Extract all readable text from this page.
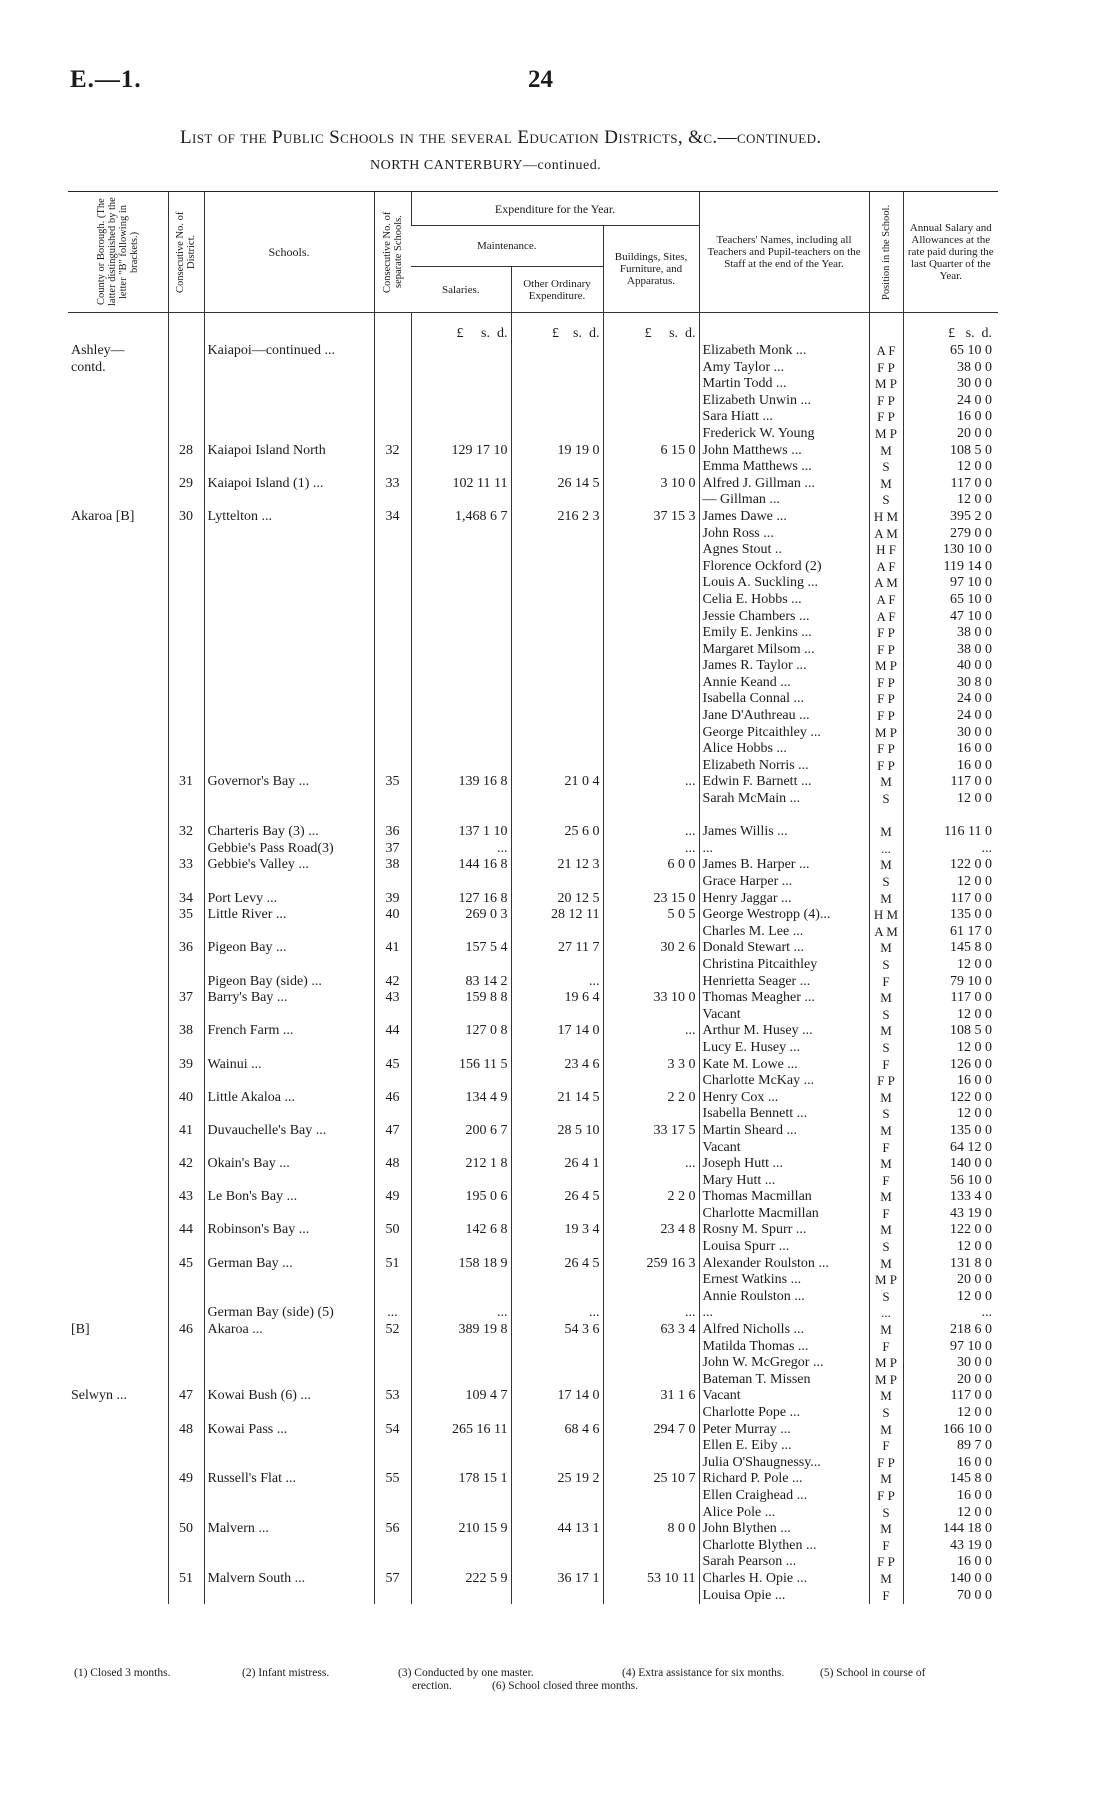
E.—1.	24
List of the Public Schools in the several Education Districts, &c.—continued.
NORTH CANTERBURY—continued.
County or Borough. (The latter distinguished by the letter "B" following in brackets.)	Consecutive No. of District.	Schools.	Consecutive No. of separate Schools.	Expenditure for the Year.			Teachers' Names, including all Teachers and Pupil-teachers on the Staff at the end of the Year.	Position in the School.	Annual Salary and Allowances at the rate paid during the last Quarter of the Year.
				Maintenance.		Buildings, Sites, Furniture, and Apparatus.			
				Salaries.	Other Ordinary Expenditure.				
				£ s. d.	£ s. d.	£ s. d.			£ s. d.
Ashley—		Kaiapoi—continued ...					Elizabeth Monk ...	A F	65 10 0
contd.							Amy Taylor ...	F P	38 0 0
							Martin Todd ...	M P	30 0 0
							Elizabeth Unwin ...	F P	24 0 0
							Sara Hiatt ...	F P	16 0 0
							Frederick W. Young	M P	20 0 0
	28	Kaiapoi Island North	32	129 17 10	19 19 0	6 15 0	John Matthews ...	M	108 5 0
							Emma Matthews ...	S	12 0 0
	29	Kaiapoi Island (1) ...	33	102 11 11	26 14 5	3 10 0	Alfred J. Gillman ...	M	117 0 0
							— Gillman ...	S	12 0 0
Akaroa [B]	30	Lyttelton ...	34	1,468 6 7	216 2 3	37 15 3	James Dawe ...	H M	395 2 0
							John Ross ...	A M	279 0 0
							Agnes Stout ..	H F	130 10 0
							Florence Ockford (2)	A F	119 14 0
							Louis A. Suckling ...	A M	97 10 0
							Celia E. Hobbs ...	A F	65 10 0
							Jessie Chambers ...	A F	47 10 0
							Emily E. Jenkins ...	F P	38 0 0
							Margaret Milsom ...	F P	38 0 0
							James R. Taylor ...	M P	40 0 0
							Annie Keand ...	F P	30 8 0
							Isabella Connal ...	F P	24 0 0
							Jane D'Authreau ...	F P	24 0 0
							George Pitcaithley ...	M P	30 0 0
							Alice Hobbs ...	F P	16 0 0
							Elizabeth Norris ...	F P	16 0 0
	31	Governor's Bay ...	35	139 16 8	21 0 4	...	Edwin F. Barnett ...	M	117 0 0
							Sarah McMain ...	S	12 0 0

	32	Charteris Bay (3) ...	36	137 1 10	25 6 0	...	James Willis ...	M	116 11 0
		Gebbie's Pass Road(3)	37	...		...	...	...	...
	33	Gebbie's Valley ...	38	144 16 8	21 12 3	6 0 0	James B. Harper ...	M	122 0 0
							Grace Harper ...	S	12 0 0
	34	Port Levy ...	39	127 16 8	20 12 5	23 15 0	Henry Jaggar ...	M	117 0 0
	35	Little River ...	40	269 0 3	28 12 11	5 0 5	George Westropp (4)...	H M	135 0 0
							Charles M. Lee ...	A M	61 17 0
	36	Pigeon Bay ...	41	157 5 4	27 11 7	30 2 6	Donald Stewart ...	M	145 8 0
							Christina Pitcaithley	S	12 0 0
		Pigeon Bay (side) ...	42	83 14 2	...		Henrietta Seager ...	F	79 10 0
	37	Barry's Bay ...	43	159 8 8	19 6 4	33 10 0	Thomas Meagher ...	M	117 0 0
							Vacant	S	12 0 0
	38	French Farm ...	44	127 0 8	17 14 0	...	Arthur M. Husey ...	M	108 5 0
							Lucy E. Husey ...	S	12 0 0
	39	Wainui ...	45	156 11 5	23 4 6	3 3 0	Kate M. Lowe ...	F	126 0 0
							Charlotte McKay ...	F P	16 0 0
	40	Little Akaloa ...	46	134 4 9	21 14 5	2 2 0	Henry Cox ...	M	122 0 0
							Isabella Bennett ...	S	12 0 0
	41	Duvauchelle's Bay ...	47	200 6 7	28 5 10	33 17 5	Martin Sheard ...	M	135 0 0
							Vacant	F	64 12 0
	42	Okain's Bay ...	48	212 1 8	26 4 1	...	Joseph Hutt ...	M	140 0 0
							Mary Hutt ...	F	56 10 0
	43	Le Bon's Bay ...	49	195 0 6	26 4 5	2 2 0	Thomas Macmillan	M	133 4 0
							Charlotte Macmillan	F	43 19 0
	44	Robinson's Bay ...	50	142 6 8	19 3 4	23 4 8	Rosny M. Spurr ...	M	122 0 0
							Louisa Spurr ...	S	12 0 0
	45	German Bay ...	51	158 18 9	26 4 5	259 16 3	Alexander Roulston ...	M	131 8 0
							Ernest Watkins ...	M P	20 0 0
							Annie Roulston ...	S	12 0 0
		German Bay (side) (5)	...	...	...	...	...	...	...
[B]	46	Akaroa ...	52	389 19 8	54 3 6	63 3 4	Alfred Nicholls ...	M	218 6 0
							Matilda Thomas ...	F	97 10 0
							John W. McGregor ...	M P	30 0 0
							Bateman T. Missen	M P	20 0 0
Selwyn ...	47	Kowai Bush (6) ...	53	109 4 7	17 14 0	31 1 6	Vacant	M	117 0 0
							Charlotte Pope ...	S	12 0 0
	48	Kowai Pass ...	54	265 16 11	68 4 6	294 7 0	Peter Murray ...	M	166 10 0
							Ellen E. Eiby ...	F	89 7 0
							Julia O'Shaugnessy...	F P	16 0 0
	49	Russell's Flat ...	55	178 15 1	25 19 2	25 10 7	Richard P. Pole ...	M	145 8 0
							Ellen Craighead ...	F P	16 0 0
							Alice Pole ...	S	12 0 0
	50	Malvern ...	56	210 15 9	44 13 1	8 0 0	John Blythen ...	M	144 18 0
							Charlotte Blythen ...	F	43 19 0
							Sarah Pearson ...	F P	16 0 0
	51	Malvern South ...	57	222 5 9	36 17 1	53 10 11	Charles H. Opie ...	M	140 0 0
							Louisa Opie ...	F	70 0 0
(1) Closed 3 months.	(2) Infant mistress.	(3) Conducted by one master.
erection.
(4) Extra assistance for six months.	(5) School in course of
(6) School closed three months.
